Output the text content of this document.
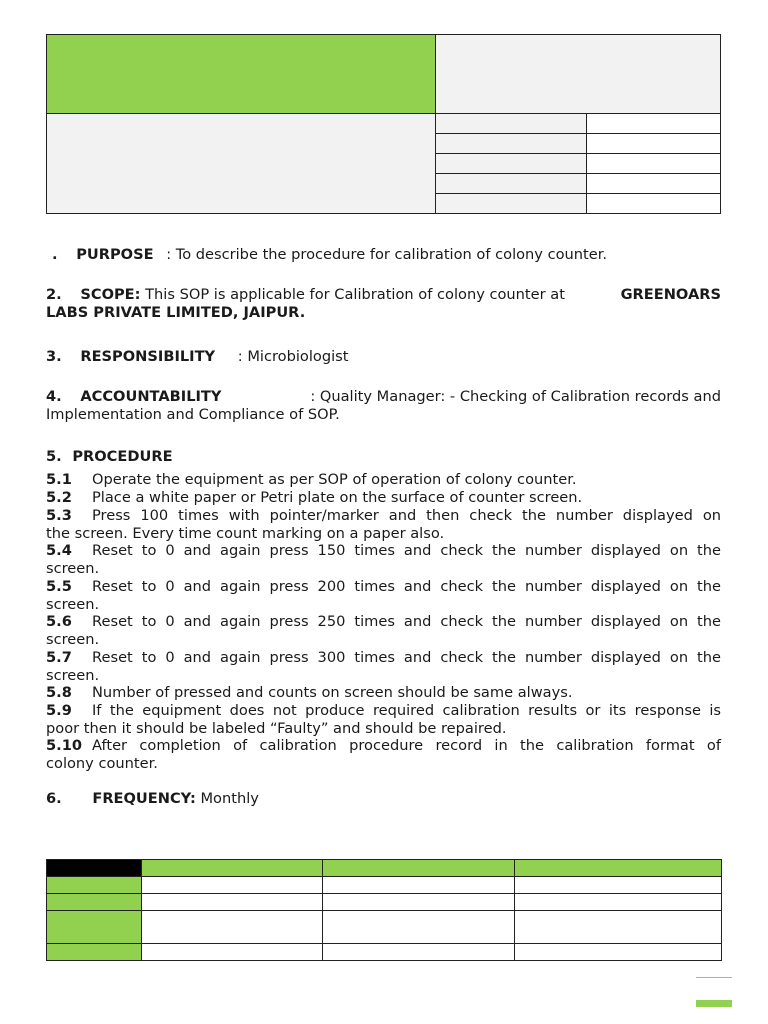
. PURPOSE : To describe the procedure for calibration of colony counter.
2. SCOPE: This SOP is applicable for Calibration of colony counter at	GREENOARS

LABS PRIVATE LIMITED, JAIPUR.
3. RESPONSIBILITY : Microbiologist
4. ACCOUNTABILITY	: Quality Manager: - Checking of Calibration records and

Implementation and Compliance of SOP.
5. PROCEDURE
5.1 Operate the equipment as per SOP of operation of colony counter.
5.2 Place a white paper or Petri plate on the surface of counter screen.
5.3 Press 100 times with pointer/marker and then check the number displayed on
the screen. Every time count marking on a paper also.
5.4 Reset to 0 and again press 150 times and check the number displayed on the
screen.
5.5 Reset to 0 and again press 200 times and check the number displayed on the
screen.
5.6 Reset to 0 and again press 250 times and check the number displayed on the
screen.
5.7 Reset to 0 and again press 300 times and check the number displayed on the
screen.
5.8 Number of pressed and counts on screen should be same always.
5.9 If the equipment does not produce required calibration results or its response is
poor then it should be labeled “Faulty” and should be repaired.
5.10 After completion of calibration procedure record in the calibration format of
colony counter.
6. FREQUENCY: Monthly
